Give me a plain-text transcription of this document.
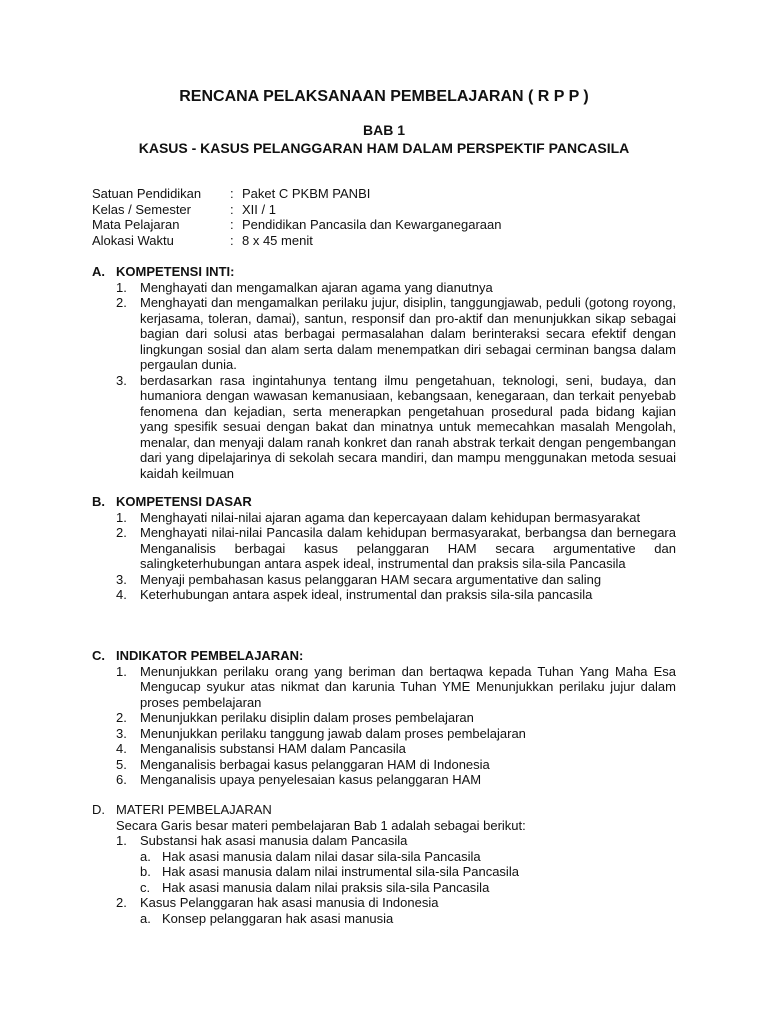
RENCANA PELAKSANAAN PEMBELAJARAN ( R P P )
BAB 1
KASUS - KASUS PELANGGARAN HAM DALAM PERSPEKTIF PANCASILA
Satuan Pendidikan	: Paket C PKBM PANBI
Kelas / Semester	: XII / 1
Mata Pelajaran	: Pendidikan Pancasila dan Kewarganegaraan
Alokasi Waktu	: 8 x 45 menit
A. KOMPETENSI INTI:
1.	Menghayati dan mengamalkan ajaran agama yang dianutnya
2.	Menghayati dan mengamalkan perilaku jujur, disiplin, tanggungjawab, peduli (gotong royong, kerjasama, toleran, damai), santun, responsif dan pro-aktif dan menunjukkan sikap sebagai bagian dari solusi atas berbagai permasalahan dalam berinteraksi secara efektif dengan lingkungan sosial dan alam serta dalam menempatkan diri sebagai cerminan bangsa dalam pergaulan dunia.
3.	berdasarkan rasa ingintahunya tentang ilmu pengetahuan, teknologi, seni, budaya, dan humaniora dengan wawasan kemanusiaan, kebangsaan, kenegaraan, dan terkait penyebab fenomena dan kejadian, serta menerapkan pengetahuan prosedural pada bidang kajian yang spesifik sesuai dengan bakat dan minatnya untuk memecahkan masalah Mengolah, menalar, dan menyaji dalam ranah konkret dan ranah abstrak terkait dengan pengembangan dari yang dipelajarinya di sekolah secara mandiri, dan mampu menggunakan metoda sesuai kaidah keilmuan
B. KOMPETENSI DASAR
1.	Menghayati nilai-nilai ajaran agama dan kepercayaan dalam kehidupan bermasyarakat
2.	Menghayati nilai-nilai Pancasila dalam kehidupan bermasyarakat, berbangsa dan bernegara Menganalisis berbagai kasus pelanggaran HAM secara argumentative dan salingketerhubungan antara aspek ideal, instrumental dan praksis sila-sila Pancasila
3.	Menyaji pembahasan kasus pelanggaran HAM secara argumentative dan saling
4.	Keterhubungan antara aspek ideal, instrumental dan praksis sila-sila pancasila
C. INDIKATOR PEMBELAJARAN:
1.	Menunjukkan perilaku orang yang beriman dan bertaqwa kepada Tuhan Yang Maha Esa Mengucap syukur atas nikmat dan karunia Tuhan YME Menunjukkan perilaku jujur dalam proses pembelajaran
2.	Menunjukkan perilaku disiplin dalam proses pembelajaran
3.	Menunjukkan perilaku tanggung jawab dalam proses pembelajaran
4.	Menganalisis substansi HAM dalam Pancasila
5.	Menganalisis berbagai kasus pelanggaran HAM di Indonesia
6.	Menganalisis upaya penyelesaian kasus pelanggaran HAM
D. MATERI PEMBELAJARAN
Secara Garis besar materi pembelajaran Bab 1 adalah sebagai berikut:
1.	Substansi hak asasi manusia dalam Pancasila
a. Hak asasi manusia dalam nilai dasar sila-sila Pancasila
b. Hak asasi manusia dalam nilai instrumental sila-sila Pancasila
c. Hak asasi manusia dalam nilai praksis sila-sila Pancasila
2.	Kasus Pelanggaran hak asasi manusia di Indonesia
a. Konsep pelanggaran hak asasi manusia
